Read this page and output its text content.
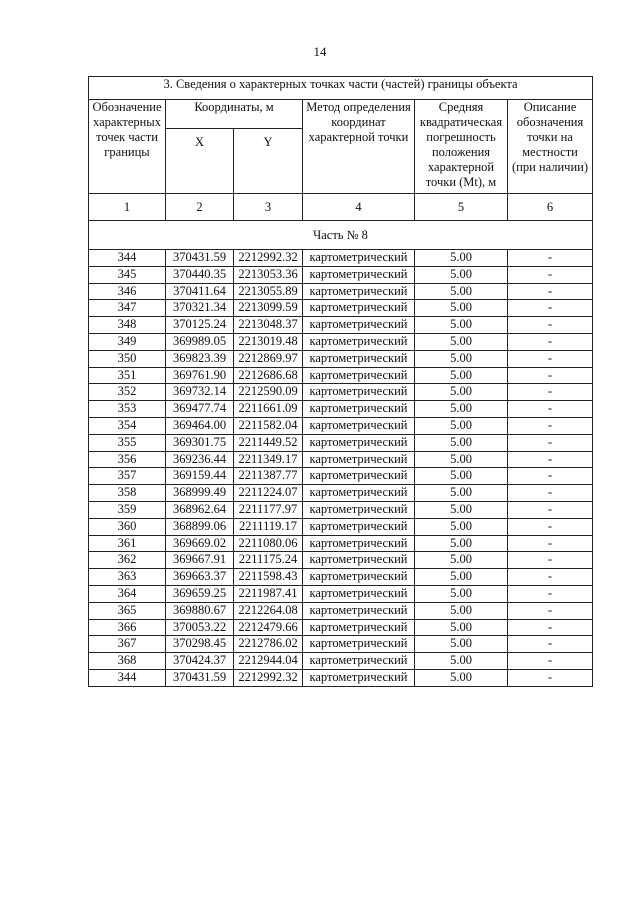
14
3. Сведения о характерных точках части (частей) границы объекта					
Обозначение характерных точек части границы	Координаты, м		Метод определения координат характерной точки	Средняя квадратическая погрешность положения характерной точки (Mt), м	Описание обозначения точки на местности (при наличии)
	X	Y			
1	2	3	4	5	6
Часть № 8					
344	370431.59	2212992.32	картометрический	5.00	-
345	370440.35	2213053.36	картометрический	5.00	-
346	370411.64	2213055.89	картометрический	5.00	-
347	370321.34	2213099.59	картометрический	5.00	-
348	370125.24	2213048.37	картометрический	5.00	-
349	369989.05	2213019.48	картометрический	5.00	-
350	369823.39	2212869.97	картометрический	5.00	-
351	369761.90	2212686.68	картометрический	5.00	-
352	369732.14	2212590.09	картометрический	5.00	-
353	369477.74	2211661.09	картометрический	5.00	-
354	369464.00	2211582.04	картометрический	5.00	-
355	369301.75	2211449.52	картометрический	5.00	-
356	369236.44	2211349.17	картометрический	5.00	-
357	369159.44	2211387.77	картометрический	5.00	-
358	368999.49	2211224.07	картометрический	5.00	-
359	368962.64	2211177.97	картометрический	5.00	-
360	368899.06	2211119.17	картометрический	5.00	-
361	369669.02	2211080.06	картометрический	5.00	-
362	369667.91	2211175.24	картометрический	5.00	-
363	369663.37	2211598.43	картометрический	5.00	-
364	369659.25	2211987.41	картометрический	5.00	-
365	369880.67	2212264.08	картометрический	5.00	-
366	370053.22	2212479.66	картометрический	5.00	-
367	370298.45	2212786.02	картометрический	5.00	-
368	370424.37	2212944.04	картометрический	5.00	-
344	370431.59	2212992.32	картометрический	5.00	-
